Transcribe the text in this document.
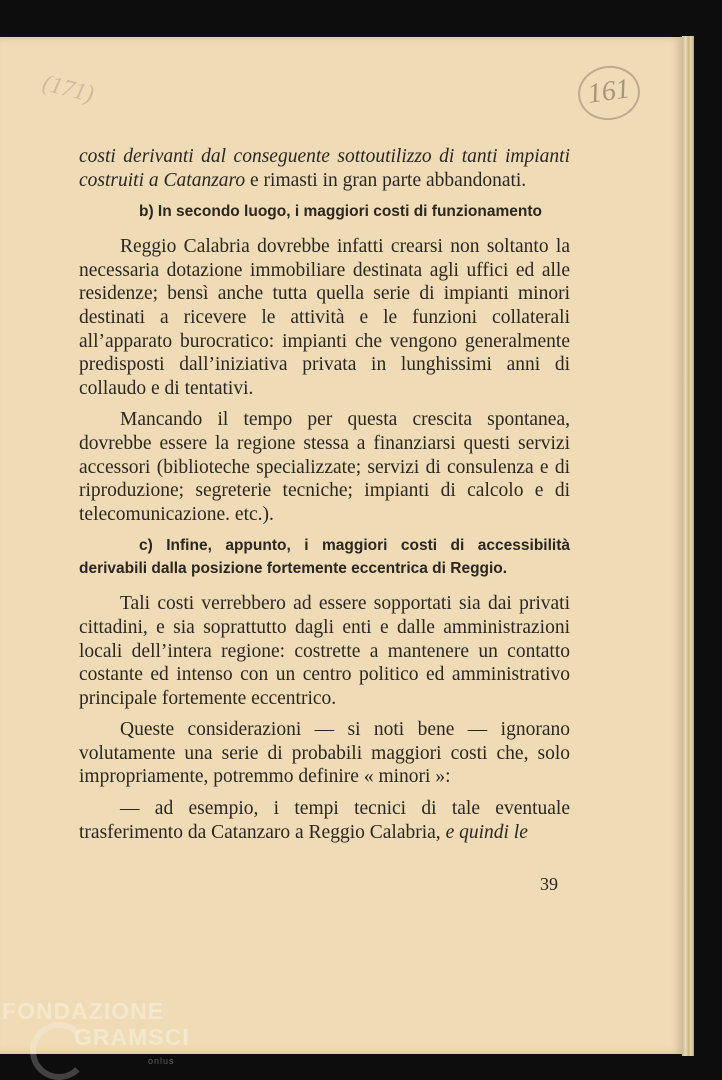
(171)	161

costi derivanti dal conseguente sottoutilizzo di tanti impianti costruiti a Catanzaro e rimasti in gran parte abbandonati.

b) In secondo luogo, i maggiori costi di funzionamento

Reggio Calabria dovrebbe infatti crearsi non soltanto la necessaria dotazione immobiliare destinata agli uffici ed alle residenze; bensì anche tutta quella serie di impianti minori destinati a ricevere le attività e le funzioni collaterali all’apparato burocratico: impianti che vengono generalmente predisposti dall’iniziativa privata in lunghissimi anni di collaudo e di tentativi.

Mancando il tempo per questa crescita spontanea, dovrebbe essere la regione stessa a finanziarsi questi servizi accessori (biblioteche specializzate; servizi di consulenza e di riproduzione; segreterie tecniche; impianti di calcolo e di telecomunicazione. etc.).

c) Infine, appunto, i maggiori costi di accessibilità derivabili dalla posizione fortemente eccentrica di Reggio.

Tali costi verrebbero ad essere sopportati sia dai privati cittadini, e sia soprattutto dagli enti e dalle amministrazioni locali dell’intera regione: costrette a mantenere un contatto costante ed intenso con un centro politico ed amministrativo principale fortemente eccentrico.

Queste considerazioni — si noti bene — ignorano volutamente una serie di probabili maggiori costi che, solo impropriamente, potremmo definire « minori »:

— ad esempio, i tempi tecnici di tale eventuale trasferimento da Catanzaro a Reggio Calabria, e quindi le

39
FONDAZIONE
GRAMSCI
onlus
